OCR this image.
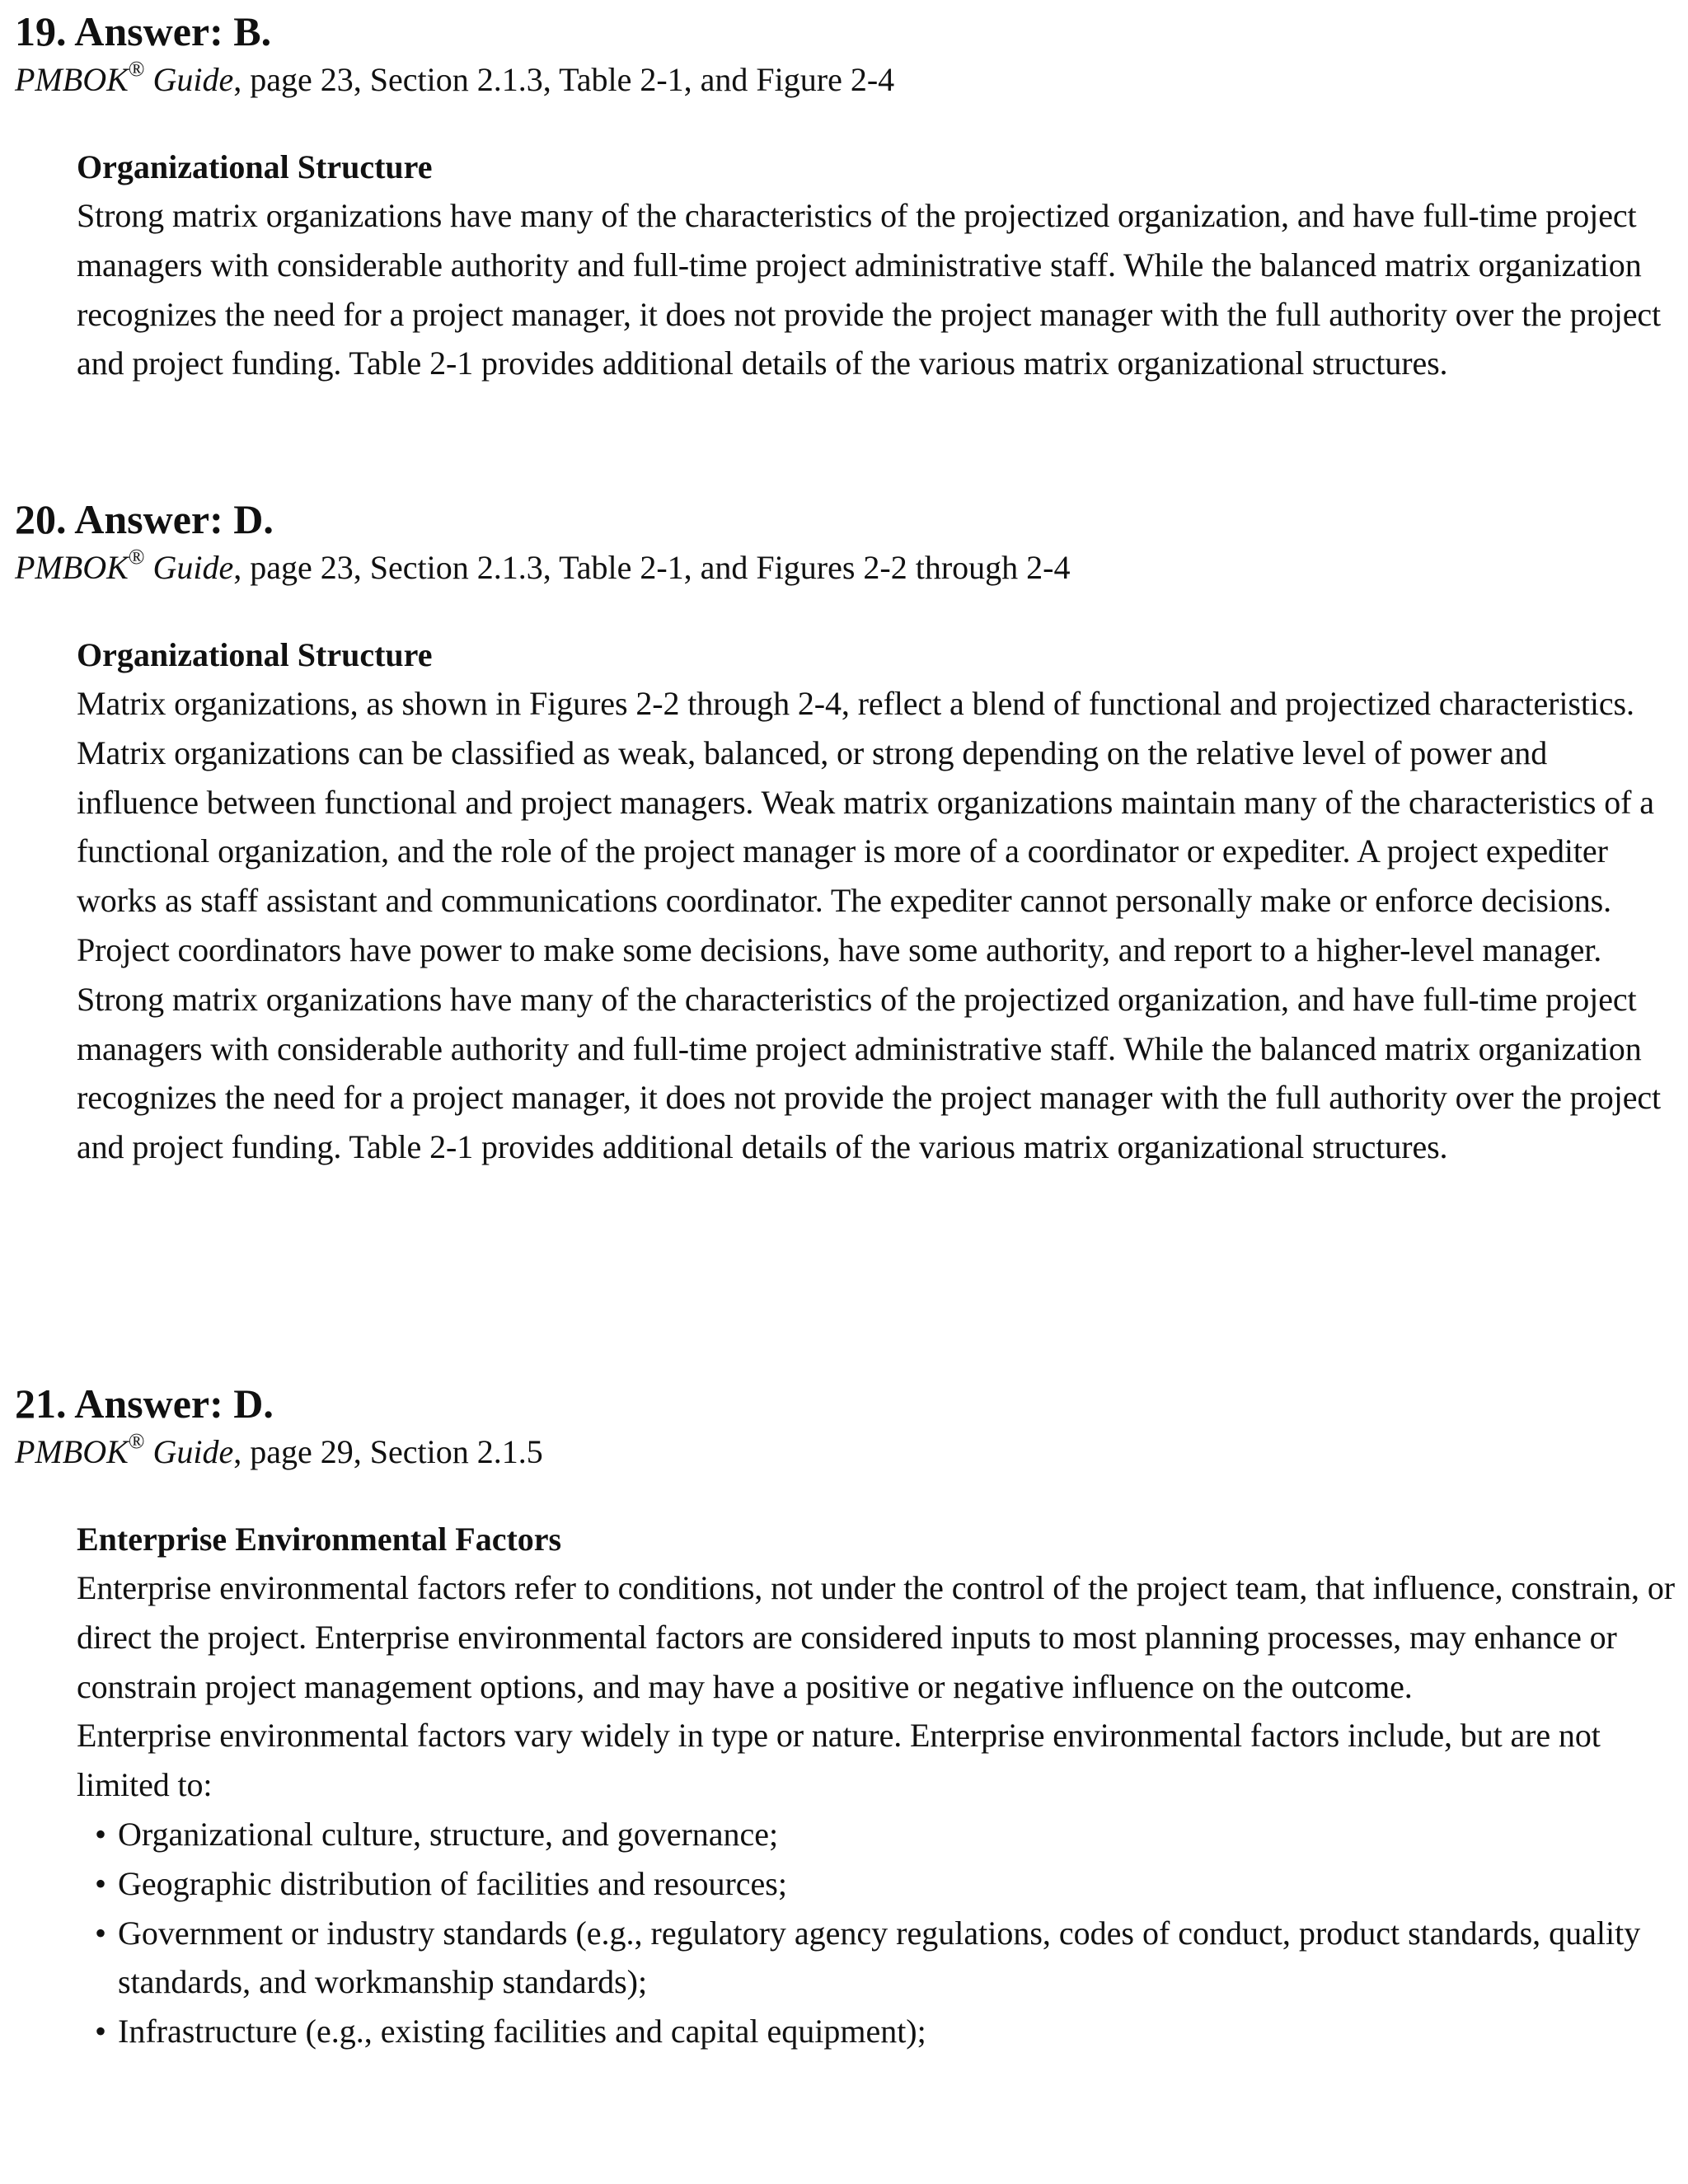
19. Answer: B.

PMBOK® Guide, page 23, Section 2.1.3, Table 2-1, and Figure 2-4

Organizational Structure

Strong matrix organizations have many of the characteristics of the projectized organization, and have full-time project managers with considerable authority and full-time project administrative staff. While the balanced matrix organization recognizes the need for a project manager, it does not provide the project manager with the full authority over the project and project funding. Table 2-1 provides additional details of the various matrix organizational structures.

20. Answer: D.

PMBOK® Guide, page 23, Section 2.1.3, Table 2-1, and Figures 2-2 through 2-4

Organizational Structure

Matrix organizations, as shown in Figures 2-2 through 2-4, reflect a blend of functional and projectized characteristics. Matrix organizations can be classified as weak, balanced, or strong depending on the relative level of power and influence between functional and project managers. Weak matrix organizations maintain many of the characteristics of a functional organization, and the role of the project manager is more of a coordinator or expediter. A project expediter works as staff assistant and communications coordinator. The expediter cannot personally make or enforce decisions. Project coordinators have power to make some decisions, have some authority, and report to a higher-level manager. Strong matrix organizations have many of the characteristics of the projectized organization, and have full-time project managers with considerable authority and full-time project administrative staff. While the balanced matrix organization recognizes the need for a project manager, it does not provide the project manager with the full authority over the project and project funding. Table 2-1 provides additional details of the various matrix organizational structures.

21. Answer: D.

PMBOK® Guide, page 29, Section 2.1.5

Enterprise Environmental Factors

Enterprise environmental factors refer to conditions, not under the control of the project team, that influence, constrain, or direct the project. Enterprise environmental factors are considered inputs to most planning processes, may enhance or constrain project management options, and may have a positive or negative influence on the outcome.

Enterprise environmental factors vary widely in type or nature. Enterprise environmental factors include, but are not limited to:

• Organizational culture, structure, and governance;
• Geographic distribution of facilities and resources;
• Government or industry standards (e.g., regulatory agency regulations, codes of conduct, product standards, quality standards, and workmanship standards);
• Infrastructure (e.g., existing facilities and capital equipment);
